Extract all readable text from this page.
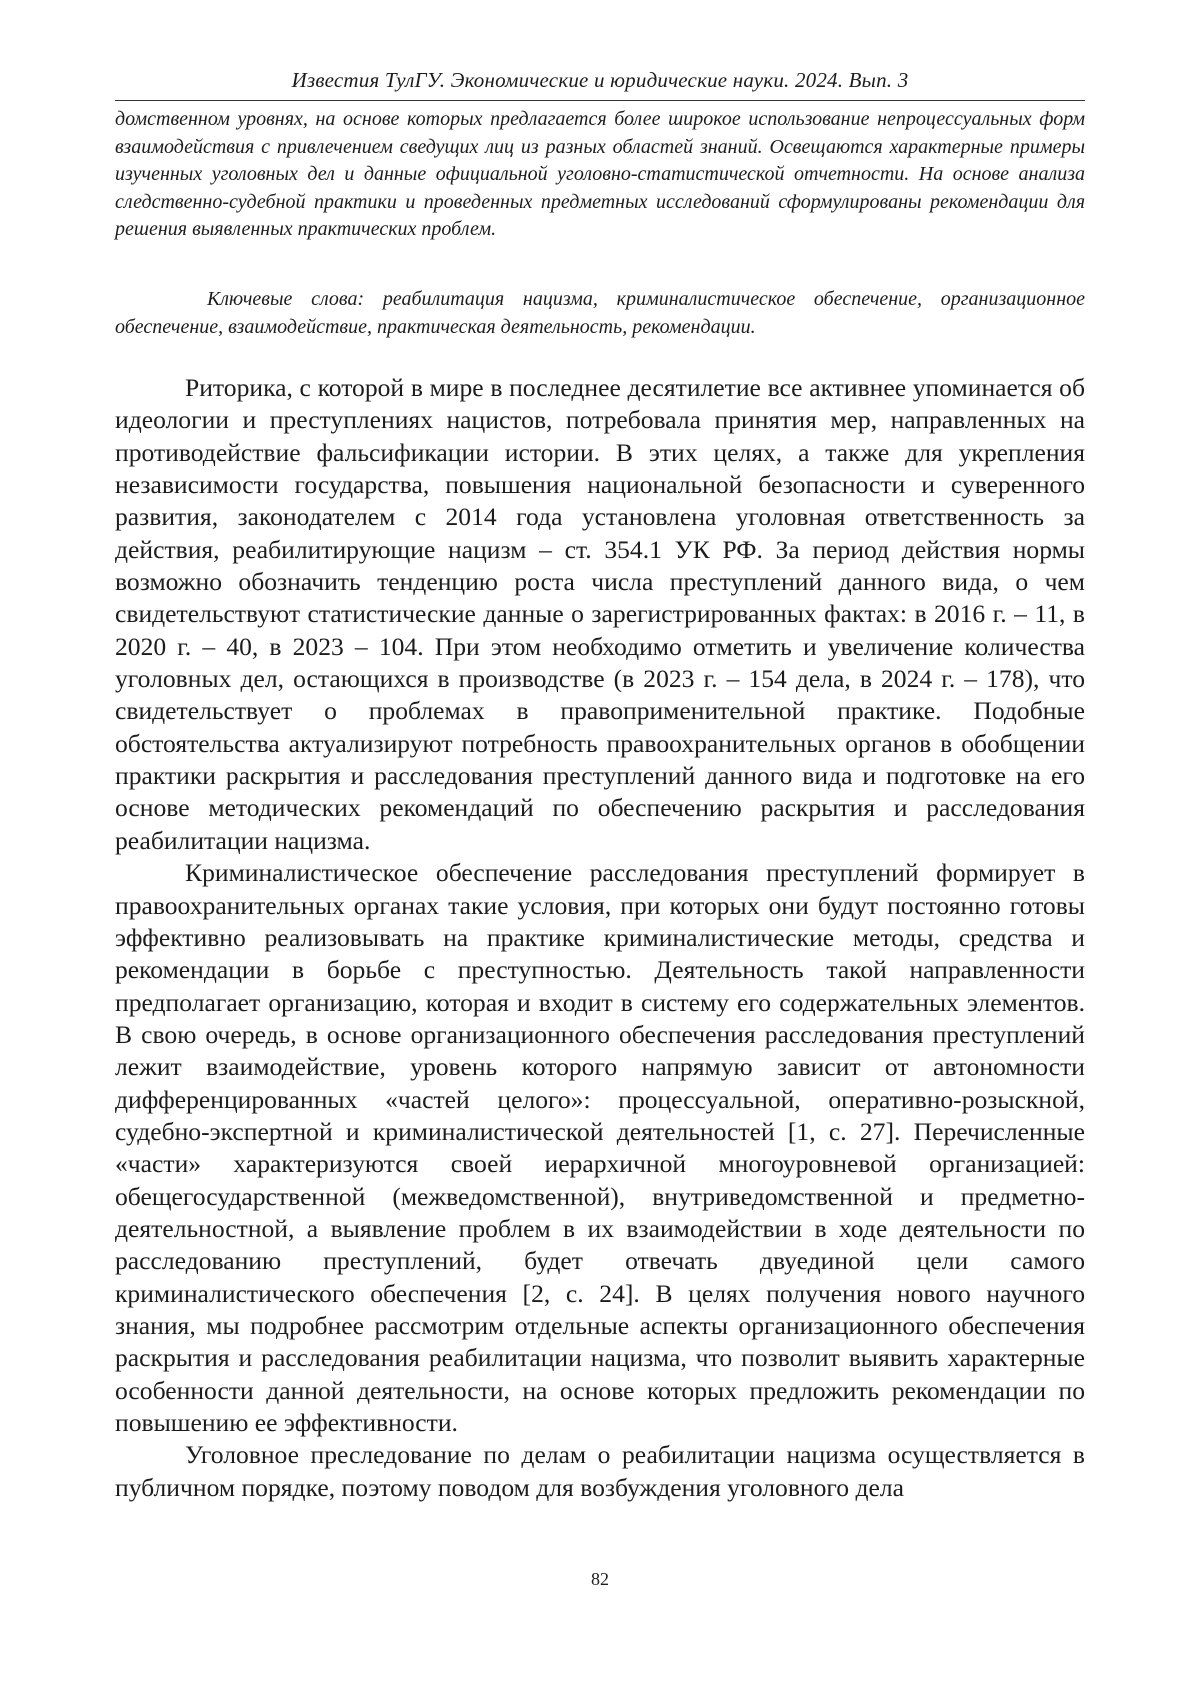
Известия ТулГУ. Экономические и юридические науки. 2024. Вып. 3

домственном уровнях, на основе которых предлагается более широкое использование непроцессуальных форм взаимодействия с привлечением сведущих лиц из разных областей знаний. Освещаются характерные примеры изученных уголовных дел и данные официальной уголовно-статистической отчетности. На основе анализа следственно-судебной практики и проведенных предметных исследований сформулированы рекомендации для решения выявленных практических проблем.

Ключевые слова: реабилитация нацизма, криминалистическое обеспечение, организационное обеспечение, взаимодействие, практическая деятельность, рекомендации.

Риторика, с которой в мире в последнее десятилетие все активнее упоминается об идеологии и преступлениях нацистов, потребовала принятия мер, направленных на противодействие фальсификации истории. В этих целях, а также для укрепления независимости государства, повышения национальной безопасности и суверенного развития, законодателем с 2014 года установлена уголовная ответственность за действия, реабилитирующие нацизм – ст. 354.1 УК РФ. За период действия нормы возможно обозначить тенденцию роста числа преступлений данного вида, о чем свидетельствуют статистические данные о зарегистрированных фактах: в 2016 г. – 11, в 2020 г. – 40, в 2023 – 104. При этом необходимо отметить и увеличение количества уголовных дел, остающихся в производстве (в 2023 г. – 154 дела, в 2024 г. – 178), что свидетельствует о проблемах в правоприменительной практике. Подобные обстоятельства актуализируют потребность правоохранительных органов в обобщении практики раскрытия и расследования преступлений данного вида и подготовке на его основе методических рекомендаций по обеспечению раскрытия и расследования реабилитации нацизма.

Криминалистическое обеспечение расследования преступлений формирует в правоохранительных органах такие условия, при которых они будут постоянно готовы эффективно реализовывать на практике криминалистические методы, средства и рекомендации в борьбе с преступностью. Деятельность такой направленности предполагает организацию, которая и входит в систему его содержательных элементов. В свою очередь, в основе организационного обеспечения расследования преступлений лежит взаимодействие, уровень которого напрямую зависит от автономности дифференцированных «частей целого»: процессуальной, оперативно-розыскной, судебно-экспертной и криминалистической деятельностей [1, с. 27]. Перечисленные «части» характеризуются своей иерархичной многоуровневой организацией: обещегосударственной (межведомственной), внутриведомственной и предметно-деятельностной, а выявление проблем в их взаимодействии в ходе деятельности по расследованию преступлений, будет отвечать двуединой цели самого криминалистического обеспечения [2, с. 24]. В целях получения нового научного знания, мы подробнее рассмотрим отдельные аспекты организационного обеспечения раскрытия и расследования реабилитации нацизма, что позволит выявить характерные особенности данной деятельности, на основе которых предложить рекомендации по повышению ее эффективности.

Уголовное преследование по делам о реабилитации нацизма осуществляется в публичном порядке, поэтому поводом для возбуждения уголовного дела

82
